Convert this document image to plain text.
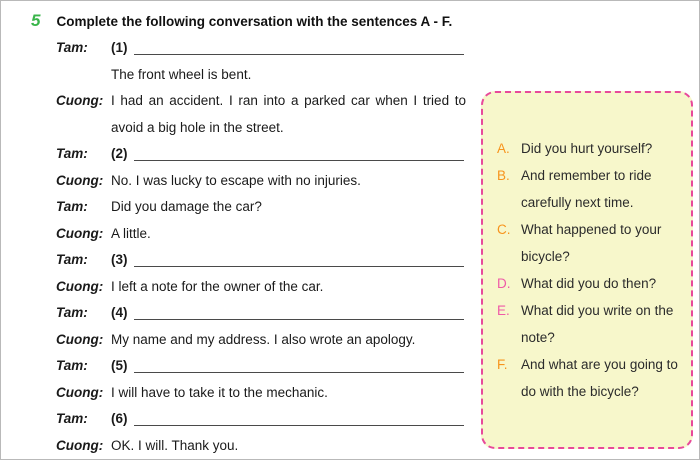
5 Complete the following conversation with the sentences A - F.
Tam:	(1)
The front wheel is bent.
Cuong: I had an accident. I ran into a parked car when I tried to avoid a big hole in the street.
Tam:	(2)
Cuong: No. I was lucky to escape with no injuries.
Tam:	Did you damage the car?
Cuong: A little.
Tam:	(3)
Cuong: I left a note for the owner of the car.
Tam:	(4)
Cuong: My name and my address. I also wrote an apology.
Tam:	(5)
Cuong: I will have to take it to the mechanic.
Tam:	(6)
Cuong: OK. I will. Thank you.
A. Did you hurt yourself?
B. And remember to ride carefully next time.
C. What happened to your bicycle?
D. What did you do then?
E. What did you write on the note?
F. And what are you going to do with the bicycle?
